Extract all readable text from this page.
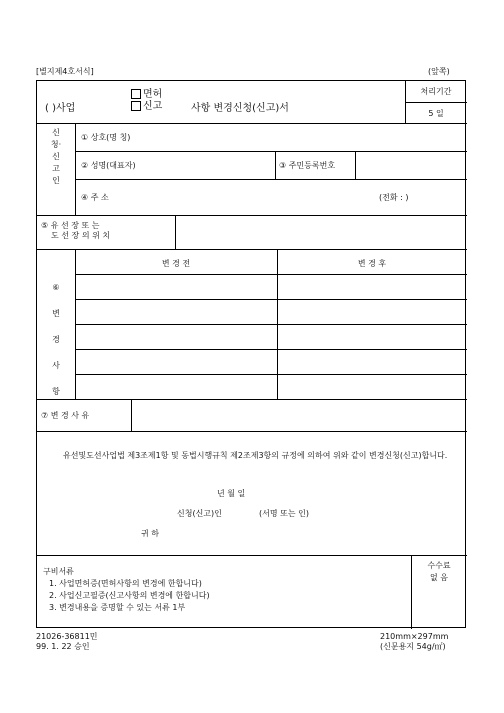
[별지제4호서식]	(앞쪽)
( )사업
면허
신고	사항 변경신청(신고)서
처리기간
5 일
신청·신고인
① 상호(명 칭)
② 성명(대표자)	③ 주민등록번호
④ 주 소	(전화 : )
⑤ 유 선 장 또 는
도 선 장 의 위 치
⑥ 변 경 사 항
변 경 전	변 경 후
⑦ 변 경 사 유
유선및도선사업법 제3조제1항 및 동법시행규칙 제2조제3항의 규정에 의하여 위와 같이 변경신청(신고)합니다.
년 월 일
신청(신고)인	(서명 또는 인)
귀 하
구비서류
1. 사업면허증(면허사항의 변경에 한합니다)
2. 사업신고필증(신고사항의 변경에 한합니다)
3. 변경내용을 증명할 수 있는 서류 1부
수수료
없 음
21026-36811민
99. 1. 22 승인
210mm×297mm
(신문용지 54g/㎡)
